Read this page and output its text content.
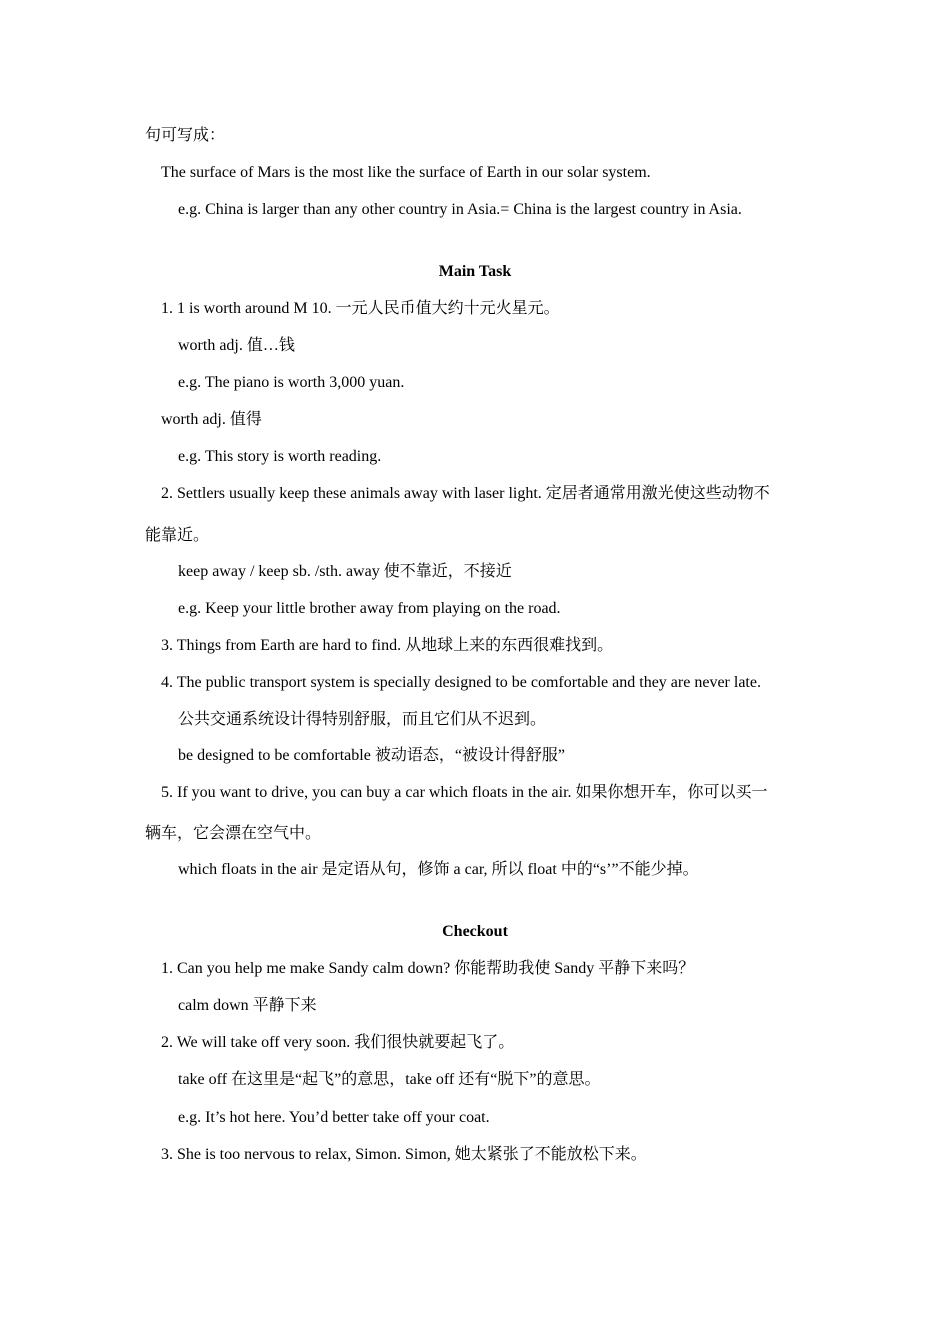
句可写成：

The surface of Mars is the most like the surface of Earth in our solar system.

e.g. China is larger than any other country in Asia.= China is the largest country in Asia.

Main Task

1. 1 is worth around M 10. 一元人民币值大约十元火星元。

worth adj. 值…钱

e.g. The piano is worth 3,000 yuan.

worth adj. 值得

e.g. This story is worth reading.

2. Settlers usually keep these animals away with laser light. 定居者通常用激光使这些动物不

能靠近。

keep away / keep sb. /sth. away 使不靠近，不接近

e.g. Keep your little brother away from playing on the road.

3. Things from Earth are hard to find. 从地球上来的东西很难找到。

4. The public transport system is specially designed to be comfortable and they are never late.

公共交通系统设计得特别舒服，而且它们从不迟到。

be designed to be comfortable 被动语态，“被设计得舒服”

5. If you want to drive, you can buy a car which floats in the air. 如果你想开车，你可以买一

辆车，它会漂在空气中。

which floats in the air 是定语从句，修饰 a car, 所以 float 中的“s’”不能少掉。

Checkout

1. Can you help me make Sandy calm down? 你能帮助我使 Sandy 平静下来吗？

calm down 平静下来

2. We will take off very soon. 我们很快就要起飞了。

take off 在这里是“起飞”的意思，take off 还有“脱下”的意思。

e.g. It’s hot here. You’d better take off your coat.

3. She is too nervous to relax, Simon. Simon, 她太紧张了不能放松下来。
